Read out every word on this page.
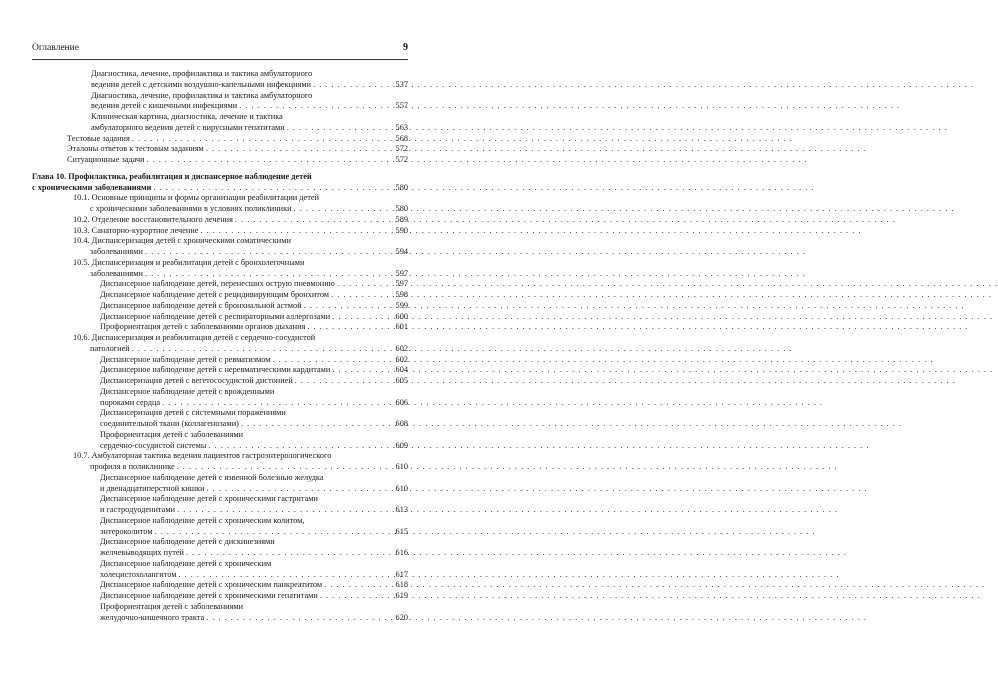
Оглавление	9
Диагностика, лечение, профилактика и тактика амбулаторного
ведения детей с детскими воздушно-капельными инфекциями . . .	537
Диагностика, лечение, профилактика и тактика амбулаторного
ведения детей с кишечными инфекциями . . .	557
Клиническая картина, диагностика, лечение и тактика
амбулаторного ведения детей с вирусными гепатитами . . .	563
Тестовые задания . . .	568
Эталоны ответов к тестовым заданиям . . .	572
Ситуационные задачи . . .	572
Глава 10. Профилактика, реабилитация и диспансерное наблюдение детей
с хроническими заболеваниями . . .	580
10.1. Основные принципы и формы организации реабилитации детей
с хроническими заболеваниями в условиях поликлиники . . .	580
10.2. Отделение восстановительного лечения . . .	589
10.3. Санаторно-курортное лечение . . .	590
10.4. Диспансеризация детей с хроническими соматическими
заболеваниями . . .	594
10.5. Диспансеризация и реабилитация детей с бронхолегочными
заболеваниями . . .	597
Диспансерное наблюдение детей, перенесших острую пневмонию . . .	597
Диспансерное наблюдение детей с рецидивирующим бронхитом . . .	598
Диспансерное наблюдение детей с бронхиальной астмой . . .	599
Диспансерное наблюдение детей с респираторными аллергозами . . .	600
Профориентация детей с заболеваниями органов дыхания . . .	601
10.6. Диспансеризация и реабилитация детей с сердечно-сосудистой
патологией . . .	602
Диспансерное наблюдение детей с ревматизмом . . .	602
Диспансерное наблюдение детей с неревматическими кардитами . . .	604
Диспансеризация детей с вегетососудистой дистонией . . .	605
Диспансерное наблюдение детей с врожденными
пороками сердца . . .	606
Диспансеризация детей с системными поражениями
соединительной ткани (коллагенозами) . . .	608
Профориентация детей с заболеваниями
сердечно-сосудистой системы . . .	609
10.7. Амбулаторная тактика ведения пациентов гастроэнтерологического
профиля в поликлинике . . .	610
Диспансерное наблюдение детей с язвенной болезнью желудка
и двенадцатиперстной кишки . . .	610
Диспансерное наблюдение детей с хроническими гастритами
и гастродуоденитами . . .	613
Диспансерное наблюдение детей с хроническим колитом,
энтероколитом . . .	615
Диспансерное наблюдение детей с дискинезиями
желчевыводящих путей . . .	616
Диспансерное наблюдение детей с хроническим
холецистохолангитом . . .	617
Диспансерное наблюдение детей с хроническим панкреатитом . . .	618
Диспансерное наблюдение детей с хроническими гепатитами . . .	619
Профориентация детей с заболеваниями
желудочно-кишечного тракта . . .	620
